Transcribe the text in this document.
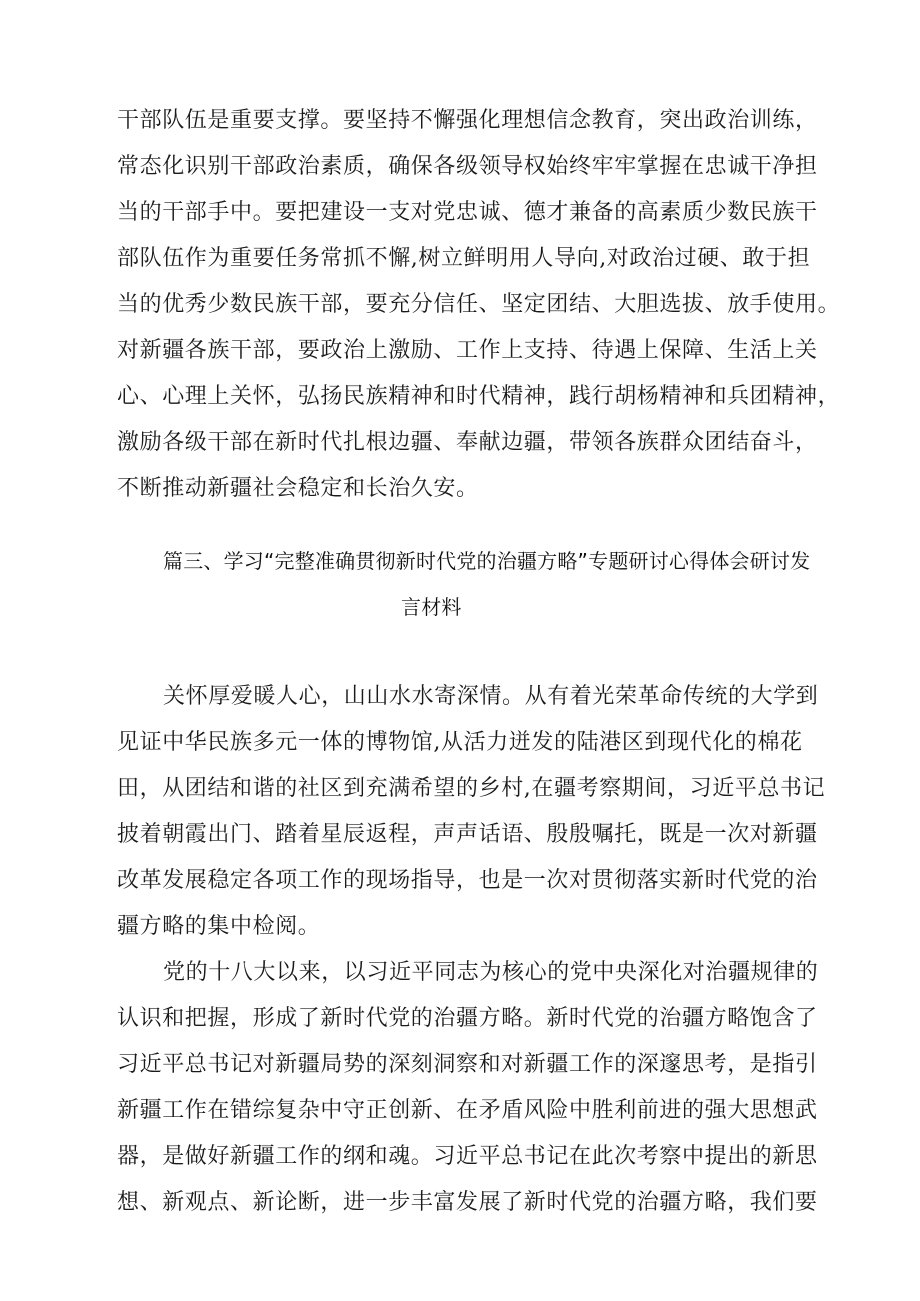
干部队伍是重要支撑。要坚持不懈强化理想信念教育，突出政治训练，
常态化识别干部政治素质，确保各级领导权始终牢牢掌握在忠诚干净担
当的干部手中。要把建设一支对党忠诚、德才兼备的高素质少数民族干
部队伍作为重要任务常抓不懈,树立鲜明用人导向,对政治过硬、敢于担
当的优秀少数民族干部，要充分信任、坚定团结、大胆选拔、放手使用。
对新疆各族干部，要政治上激励、工作上支持、待遇上保障、生活上关
心、心理上关怀，弘扬民族精神和时代精神，践行胡杨精神和兵团精神，
激励各级干部在新时代扎根边疆、奉献边疆，带领各族群众团结奋斗，
不断推动新疆社会稳定和长治久安。
篇三、学习“完整准确贯彻新时代党的治疆方略”专题研讨心得体会研讨发
言材料
关怀厚爱暖人心，山山水水寄深情。从有着光荣革命传统的大学到
见证中华民族多元一体的博物馆,从活力迸发的陆港区到现代化的棉花
田，从团结和谐的社区到充满希望的乡村,在疆考察期间，习近平总书记
披着朝霞出门、踏着星辰返程，声声话语、殷殷嘱托，既是一次对新疆
改革发展稳定各项工作的现场指导，也是一次对贯彻落实新时代党的治
疆方略的集中检阅。
党的十八大以来，以习近平同志为核心的党中央深化对治疆规律的
认识和把握，形成了新时代党的治疆方略。新时代党的治疆方略饱含了
习近平总书记对新疆局势的深刻洞察和对新疆工作的深邃思考，是指引
新疆工作在错综复杂中守正创新、在矛盾风险中胜利前进的强大思想武
器，是做好新疆工作的纲和魂。习近平总书记在此次考察中提出的新思
想、新观点、新论断，进一步丰富发展了新时代党的治疆方略，我们要
